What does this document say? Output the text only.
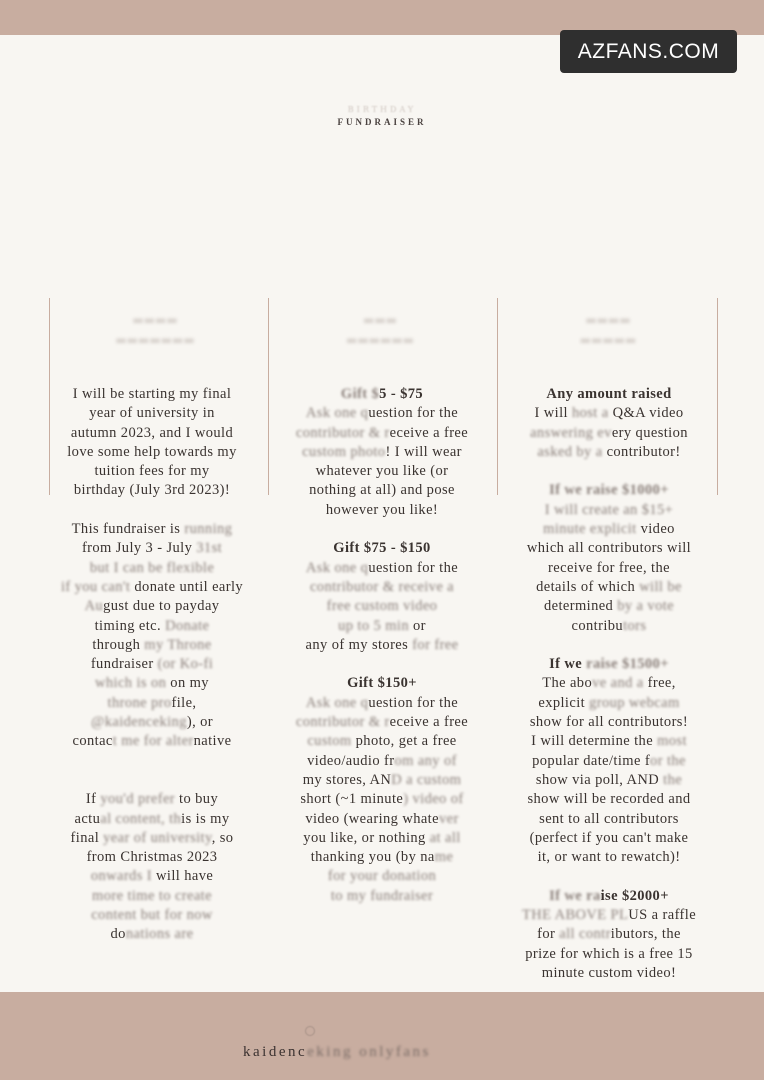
AZFANS.COM
BIRTHDAY
FUNDRAISER
▬▬▬▬
▬▬▬▬▬▬▬
▬▬▬
▬▬▬▬▬▬
▬▬▬▬
▬▬▬▬▬
I will be starting my final
year of university in
autumn 2023, and I would
love some help towards my
tuition fees for my
birthday (July 3rd 2023)!
This fundraiser is running
from July 3 - July 31st
but I can be flexible
if you can't donate until early
August due to payday
timing etc. Donate
through my Throne
fundraiser (or Ko-fi
which is on on my
throne profile,
@kaidenceking), or
contact me for alternative
If you'd prefer to buy
actual content, this is my
final year of university, so
from Christmas 2023
onwards I will have
more time to create
content but for now
donations are
Gift $5 - $75
Ask one question for the
contributor & receive a free
custom photo! I will wear
whatever you like (or
nothing at all) and pose
however you like!
Gift $75 - $150
Ask one question for the
contributor & receive a
free custom video
up to 5 min or
any of my stores for free
Gift $150+
Ask one question for the
contributor & receive a free
custom photo, get a free
video/audio from any of
my stores, AND a custom
short (~1 minute) video of
video (wearing whatever
you like, or nothing at all
thanking you (by name
for your donation
to my fundraiser
Any amount raised
I will host a Q&A video
answering every question
asked by a contributor!
If we raise $1000+
I will create an $15+
minute explicit video
which all contributors will
receive for free, the
details of which will be
determined by a vote
contributors
If we raise $1500+
The above and a free,
explicit group webcam
show for all contributors!
I will determine the most
popular date/time for the
show via poll, AND the
show will be recorded and
sent to all contributors
(perfect if you can't make
it, or want to rewatch)!
If we raise $2000+
THE ABOVE PLUS a raffle
for all contributors, the
prize for which is a free 15
minute custom video!
kaidenceking onlyfans
